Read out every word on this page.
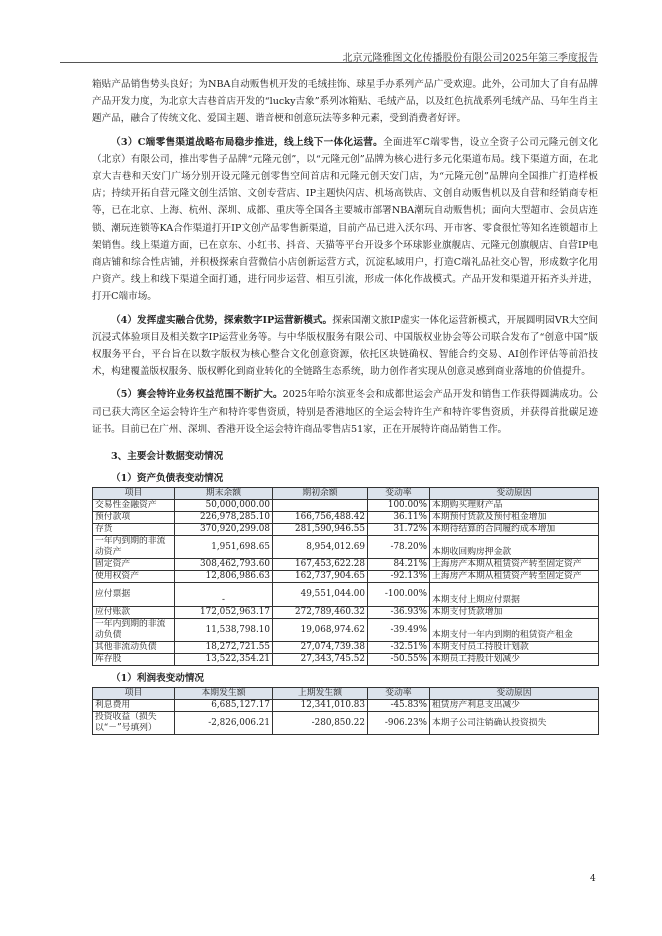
北京元隆雅图文化传播股份有限公司2025年第三季度报告

箱贴产品销售势头良好；为NBA自动贩售机开发的毛绒挂饰、球星手办系列产品广受欢迎。此外，公司加大了自有品牌产品开发力度，为北京大吉巷首店开发的“lucky吉象”系列冰箱贴、毛绒产品，以及红色抗战系列毛绒产品、马年生肖主题产品，融合了传统文化、爱国主题、谐音梗和创意玩法等多种元素，受到消费者好评。

（3）C端零售渠道战略布局稳步推进，线上线下一体化运营。全面进军C端零售，设立全资子公司元隆元创文化（北京）有限公司，推出零售子品牌“元隆元创”，以“元隆元创”品牌为核心进行多元化渠道布局。线下渠道方面，在北京大吉巷和天安门广场分别开设元隆元创零售空间首店和元隆元创天安门店，为“元隆元创”品牌向全国推广打造样板店；持续开拓自营元隆文创生活馆、文创专营店、IP主题快闪店、机场高铁店、文创自动贩售机以及自营和经销商专柜等，已在北京、上海、杭州、深圳、成都、重庆等全国各主要城市部署NBA潮玩自动贩售机；面向大型超市、会员店连锁、潮玩连锁等KA合作渠道打开IP文创产品零售新渠道，目前产品已进入沃尔玛、开市客、零食很忙等知名连锁超市上架销售。线上渠道方面，已在京东、小红书、抖音、天猫等平台开设多个环球影业旗舰店、元隆元创旗舰店、自营IP电商店铺和综合性店铺，并积极探索自营微信小店创新运营方式，沉淀私域用户，打造C端礼品社交心智，形成数字化用户资产。线上和线下渠道全面打通，进行同步运营、相互引流，形成一体化作战模式。产品开发和渠道开拓齐头并进，打开C端市场。

（4）发挥虚实融合优势，探索数字IP运营新模式。探索国潮文旅IP虚实一体化运营新模式，开展圆明园VR大空间沉浸式体验项目及相关数字IP运营业务等。与中华版权服务有限公司、中国版权业协会等公司联合发布了“创意中国”版权服务平台，平台旨在以数字版权为核心整合文化创意资源，依托区块链确权、智能合约交易、AI创作评估等前沿技术，构建覆盖版权服务、版权孵化到商业转化的全链路生态系统，助力创作者实现从创意灵感到商业落地的价值提升。

（5）赛会特许业务权益范围不断扩大。2025年哈尔滨亚冬会和成都世运会产品开发和销售工作获得圆满成功。公司已获大湾区全运会特许生产和特许零售资质，特别是香港地区的全运会特许生产和特许零售资质，并获得首批碳足迹证书。目前已在广州、深圳、香港开设全运会特许商品零售店51家，正在开展特许商品销售工作。

3、主要会计数据变动情况

（1）资产负债表变动情况

项目	期末余额	期初余额	变动率	变动原因
交易性金融资产	50,000,000.00		100.00%	本期购买理财产品
预付款项	226,978,285.10	166,756,488.42	36.11%	本期预付货款及预付租金增加
存货	370,920,299.08	281,590,946.55	31.72%	本期待结算的合同履约成本增加
一年内到期的非流动资产	1,951,698.65	8,954,012.69	-78.20%	本期收回购房押金款
固定资产	308,462,793.60	167,453,622.28	84.21%	上海房产本期从租赁资产转至固定资产
使用权资产	12,806,986.63	162,737,904.65	-92.13%	上海房产本期从租赁资产转至固定资产
应付票据	-	49,551,044.00	-100.00%	本期支付上期应付票据
应付账款	172,052,963.17	272,789,460.32	-36.93%	本期支付货款增加
一年内到期的非流动负债	11,538,798.10	19,068,974.62	-39.49%	本期支付一年内到期的租赁资产租金
其他非流动负债	18,272,721.55	27,074,739.38	-32.51%	本期支付员工持股计划款
库存股	13,522,354.21	27,343,745.52	-50.55%	本期员工持股计划减少

（1）利润表变动情况

项目	本期发生额	上期发生额	变动率	变动原因
利息费用	6,685,127.17	12,341,010.83	-45.83%	租赁房产利息支出减少
投资收益（损失以“－”号填列）	-2,826,006.21	-280,850.22	-906.23%	本期子公司注销确认投资损失
4
